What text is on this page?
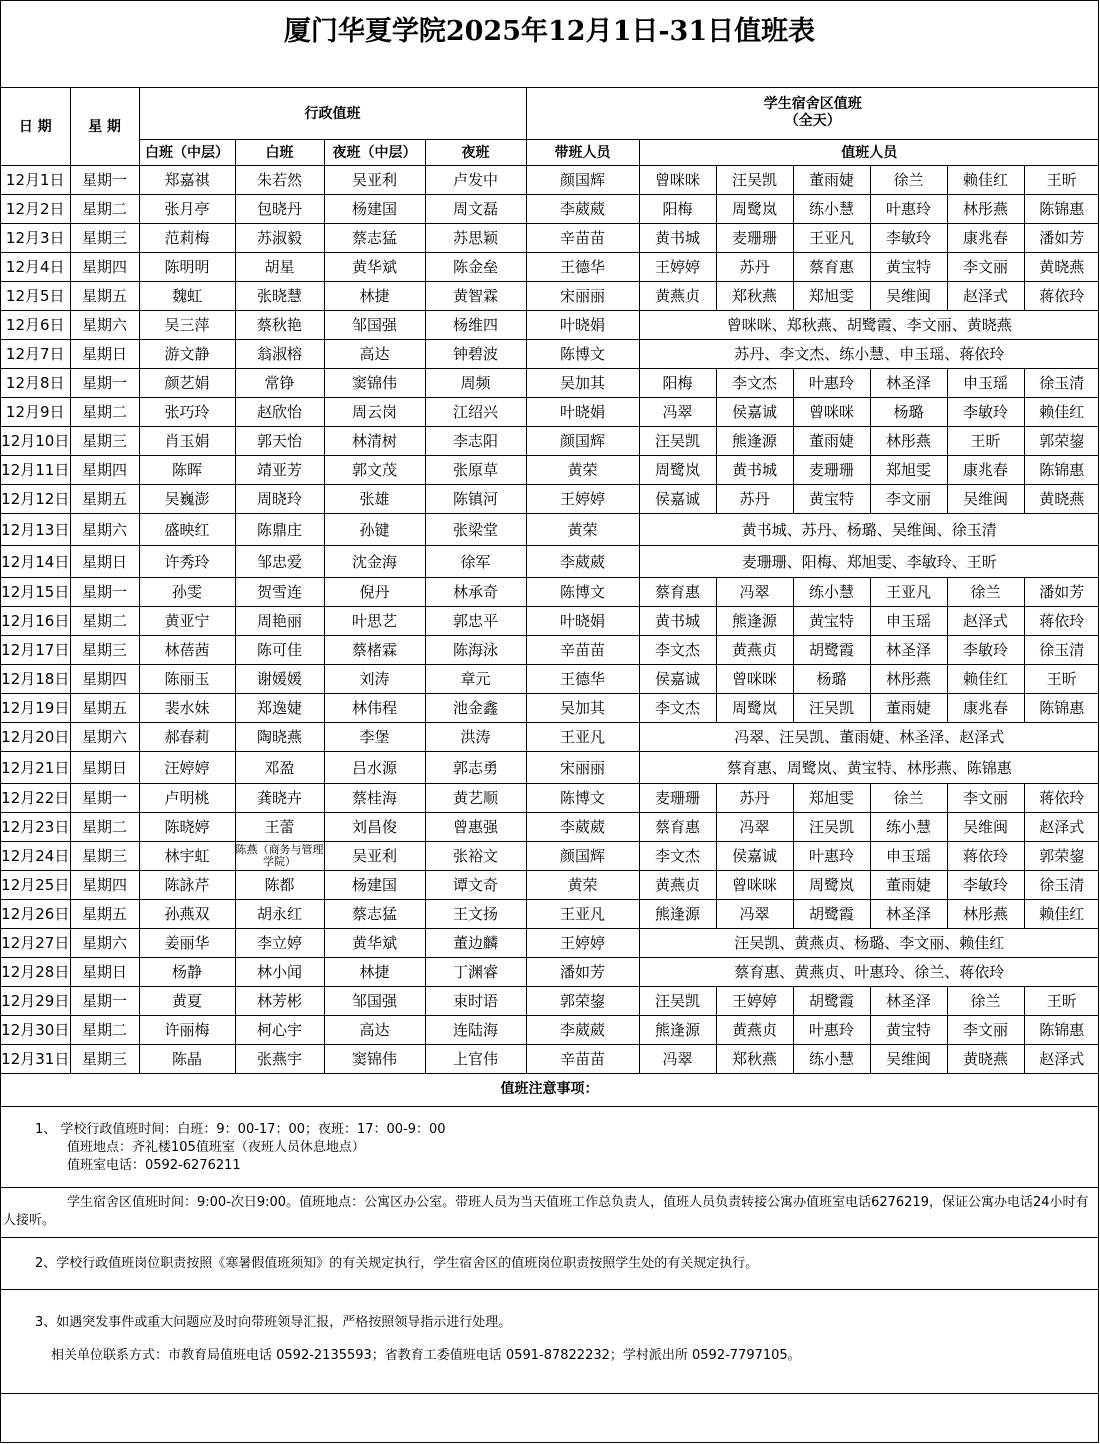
厦门华夏学院2025年12月1日-31日值班表
日 期	星 期	行政值班				学生宿舍区值班
（全天）						

		白班（中层）	白班	夜班（中层）	夜班	带班人员	值班人员					
12月1日	星期一	郑嘉祺	朱若然	吴亚利	卢发中	颜国辉	曾咪咪	汪吴凯	董雨婕	徐兰	赖佳红	王昕
12月2日	星期二	张月亭	包晓丹	杨建国	周文磊	李葳葳	阳梅	周鹭岚	练小慧	叶惠玲	林彤燕	陈锦惠
12月3日	星期三	范莉梅	苏淑毅	蔡志猛	苏思颖	辛苗苗	黄书城	麦珊珊	王亚凡	李敏玲	康兆春	潘如芳
12月4日	星期四	陈明明	胡星	黄华斌	陈金垒	王德华	王婷婷	苏丹	蔡育惠	黄宝特	李文丽	黄晓燕
12月5日	星期五	魏虹	张晓慧	林捷	黄智霖	宋丽丽	黄燕贞	郑秋燕	郑旭雯	吴维闽	赵泽式	蒋依玲
12月6日	星期六	吴三萍	蔡秋艳	邹国强	杨维四	叶晓娟	曾咪咪、郑秋燕、胡鹭霞、李文丽、黄晓燕					
12月7日	星期日	游文静	翁淑榕	高达	钟碧波	陈博文	苏丹、李文杰、练小慧、申玉瑶、蒋依玲					
12月8日	星期一	颜艺娟	常铮	窦锦伟	周频	吴加其	阳梅	李文杰	叶惠玲	林圣泽	申玉瑶	徐玉清
12月9日	星期二	张巧玲	赵欣怡	周云岗	江绍兴	叶晓娟	冯翠	侯嘉诚	曾咪咪	杨璐	李敏玲	赖佳红
12月10日	星期三	肖玉娟	郭天怡	林清树	李志阳	颜国辉	汪吴凯	熊逢源	董雨婕	林彤燕	王昕	郭荣鋆
12月11日	星期四	陈晖	靖亚芳	郭文茂	张原草	黄荣	周鹭岚	黄书城	麦珊珊	郑旭雯	康兆春	陈锦惠
12月12日	星期五	吴巍澎	周晓玲	张雄	陈镇河	王婷婷	侯嘉诚	苏丹	黄宝特	李文丽	吴维闽	黄晓燕
12月13日	星期六	盛映红	陈鼎庄	孙键	张梁堂	黄荣	黄书城、苏丹、杨璐、吴维闽、徐玉清					
12月14日	星期日	许秀玲	邹忠爱	沈金海	徐军	李葳葳	麦珊珊、阳梅、郑旭雯、李敏玲、王昕					
12月15日	星期一	孙雯	贺雪连	倪丹	林承奇	陈博文	蔡育惠	冯翠	练小慧	王亚凡	徐兰	潘如芳
12月16日	星期二	黄亚宁	周艳丽	叶思艺	郭忠平	叶晓娟	黄书城	熊逢源	黄宝特	申玉瑶	赵泽式	蒋依玲
12月17日	星期三	林蓓茜	陈可佳	蔡楮霖	陈海泳	辛苗苗	李文杰	黄燕贞	胡鹭霞	林圣泽	李敏玲	徐玉清
12月18日	星期四	陈丽玉	谢媛媛	刘涛	章元	王德华	侯嘉诚	曾咪咪	杨璐	林彤燕	赖佳红	王昕
12月19日	星期五	裴水妹	郑逸婕	林伟程	池金鑫	吴加其	李文杰	周鹭岚	汪吴凯	董雨婕	康兆春	陈锦惠
12月20日	星期六	郝春莉	陶晓燕	李堡	洪涛	王亚凡	冯翠、汪吴凯、董雨婕、林圣泽、赵泽式					
12月21日	星期日	汪婷婷	邓盈	吕水源	郭志勇	宋丽丽	蔡育惠、周鹭岚、黄宝特、林彤燕、陈锦惠					
12月22日	星期一	卢明桃	龚晓卉	蔡桂海	黄艺顺	陈博文	麦珊珊	苏丹	郑旭雯	徐兰	李文丽	蒋依玲
12月23日	星期二	陈晓婷	王蕾	刘昌俊	曾惠强	李葳葳	蔡育惠	冯翠	汪吴凯	练小慧	吴维闽	赵泽式
12月24日	星期三	林宇虹	陈燕（商务与管理学院）	吴亚利	张裕文	颜国辉	李文杰	侯嘉诚	叶惠玲	申玉瑶	蒋依玲	郭荣鋆
12月25日	星期四	陈詠芹	陈都	杨建国	谭文奇	黄荣	黄燕贞	曾咪咪	周鹭岚	董雨婕	李敏玲	徐玉清
12月26日	星期五	孙燕双	胡永红	蔡志猛	王文扬	王亚凡	熊逢源	冯翠	胡鹭霞	林圣泽	林彤燕	赖佳红
12月27日	星期六	姜丽华	李立婷	黄华斌	董边麟	王婷婷	汪吴凯、黄燕贞、杨璐、李文丽、赖佳红					
12月28日	星期日	杨静	林小闻	林捷	丁渊睿	潘如芳	蔡育惠、黄燕贞、叶惠玲、徐兰、蒋依玲					
12月29日	星期一	黄夏	林芳彬	邹国强	束时语	郭荣鋆	汪吴凯	王婷婷	胡鹭霞	林圣泽	徐兰	王昕
12月30日	星期二	许丽梅	柯心宇	高达	连陆海	李葳葳	熊逢源	黄燕贞	叶惠玲	黄宝特	李文丽	陈锦惠
12月31日	星期三	陈晶	张燕宇	窦锦伟	上官伟	辛苗苗	冯翠	郑秋燕	练小慧	吴维闽	黄晓燕	赵泽式
值班注意事项：
1、 学校行政值班时间：白班：9：00-17：00；夜班：17：00-9：00
值班地点：齐礼楼105值班室（夜班人员休息地点）
值班室电话：0592-6276211
学生宿舍区值班时间：9:00-次日9:00。值班地点：公寓区办公室。带班人员为当天值班工作总负责人，值班人员负责转接公寓办值班室电话6276219，保证公寓办电话24小时有人接听。
2、学校行政值班岗位职责按照《寒暑假值班须知》的有关规定执行，学生宿舍区的值班岗位职责按照学生处的有关规定执行。
3、如遇突发事件或重大问题应及时向带班领导汇报，严格按照领导指示进行处理。
相关单位联系方式：市教育局值班电话 0592-2135593；省教育工委值班电话 0591-87822232；学村派出所 0592-7797105。
